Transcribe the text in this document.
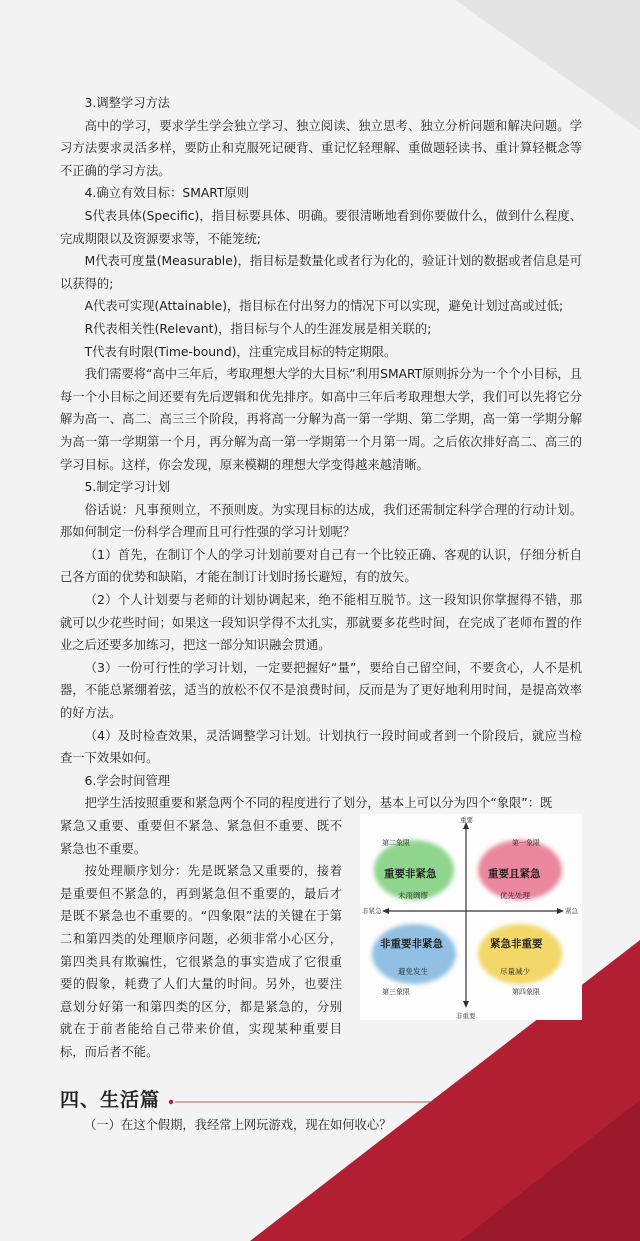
3.调整学习方法

高中的学习，要求学生学会独立学习、独立阅读、独立思考、独立分析问题和解决问题。学习方法要求灵活多样，要防止和克服死记硬背、重记忆轻理解、重做题轻读书、重计算轻概念等不正确的学习方法。

4.确立有效目标：SMART原则

S代表具体(Specific)，指目标要具体、明确。要很清晰地看到你要做什么，做到什么程度、完成期限以及资源要求等，不能笼统;

M代表可度量(Measurable)，指目标是数量化或者行为化的，验证计划的数据或者信息是可以获得的;

A代表可实现(Attainable)，指目标在付出努力的情况下可以实现，避免计划过高或过低;

R代表相关性(Relevant)，指目标与个人的生涯发展是相关联的;

T代表有时限(Time-bound)，注重完成目标的特定期限。

我们需要将“高中三年后，考取理想大学的大目标”利用SMART原则拆分为一个个小目标，且每一个小目标之间还要有先后逻辑和优先排序。如高中三年后考取理想大学，我们可以先将它分解为高一、高二、高三三个阶段，再将高一分解为高一第一学期、第二学期，高一第一学期分解为高一第一学期第一个月，再分解为高一第一学期第一个月第一周。之后依次排好高二、高三的学习目标。这样，你会发现，原来模糊的理想大学变得越来越清晰。

5.制定学习计划

俗话说：凡事预则立，不预则废。为实现目标的达成，我们还需制定科学合理的行动计划。那如何制定一份科学合理而且可行性强的学习计划呢？

（1）首先，在制订个人的学习计划前要对自己有一个比较正确、客观的认识，仔细分析自己各方面的优势和缺陷，才能在制订计划时扬长避短，有的放矢。

（2）个人计划要与老师的计划协调起来，绝不能相互脱节。这一段知识你掌握得不错，那就可以少花些时间；如果这一段知识学得不太扎实，那就要多花些时间，在完成了老师布置的作业之后还要多加练习，把这一部分知识融会贯通。

（3）一份可行性的学习计划，一定要把握好“量”，要给自己留空间，不要贪心，人不是机器，不能总紧绷着弦，适当的放松不仅不是浪费时间，反而是为了更好地利用时间，是提高效率的好方法。

（4）及时检查效果，灵活调整学习计划。计划执行一段时间或者到一个阶段后，就应当检查一下效果如何。

6.学会时间管理

把学生活按照重要和紧急两个不同的程度进行了划分，基本上可以分为四个“象限”：既

紧急又重要、重要但不紧急、紧急但不重要、既不紧急也不重要。

按处理顺序划分：先是既紧急又重要的，接着是重要但不紧急的，再到紧急但不重要的，最后才是既不紧急也不重要的。“四象限”法的关键在于第二和第四类的处理顺序问题，必须非常小心区分，第四类具有欺骗性，它很紧急的事实造成了它很重要的假象，耗费了人们大量的时间。另外，也要注意划分好第一和第四类的区分，都是紧急的，分别就在于前者能给自己带来价值，实现某种重要目标，而后者不能。

重要
非重要
非紧急	紧急
第二象限	第一象限
第三象限	第四象限
重要非紧急	重要且紧急
非重要非紧急	紧急非重要
未雨绸缪	优先处理
避免发生	尽量减少
四、生活篇
（一）在这个假期，我经常上网玩游戏，现在如何收心？
